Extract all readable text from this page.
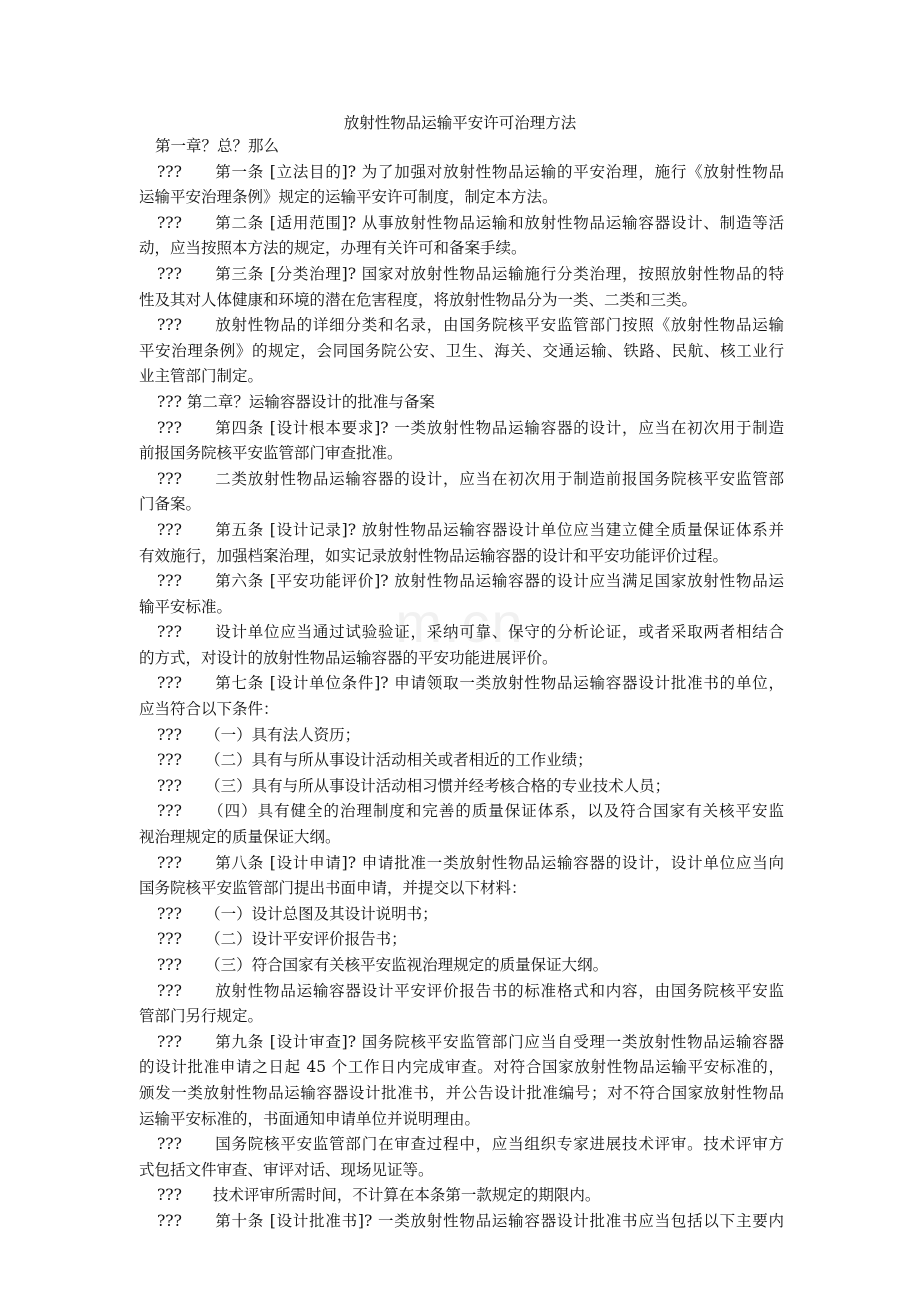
放射性物品运输平安许可治理方法
m.cn
第一章？总？那么
???　　第一条 [立法目的]? 为了加强对放射性物品运输的平安治理，施行《放射性物品
运输平安治理条例》规定的运输平安许可制度，制定本方法。
???　　第二条 [适用范围]? 从事放射性物品运输和放射性物品运输容器设计、制造等活
动，应当按照本方法的规定，办理有关许可和备案手续。
???　　第三条 [分类治理]? 国家对放射性物品运输施行分类治理，按照放射性物品的特
性及其对人体健康和环境的潜在危害程度，将放射性物品分为一类、二类和三类。
???　　放射性物品的详细分类和名录，由国务院核平安监管部门按照《放射性物品运输
平安治理条例》的规定，会同国务院公安、卫生、海关、交通运输、铁路、民航、核工业行
业主管部门制定。
??? 第二章？运输容器设计的批准与备案
???　　第四条 [设计根本要求]? 一类放射性物品运输容器的设计，应当在初次用于制造
前报国务院核平安监管部门审查批准。
???　　二类放射性物品运输容器的设计，应当在初次用于制造前报国务院核平安监管部
门备案。
???　　第五条 [设计记录]? 放射性物品运输容器设计单位应当建立健全质量保证体系并
有效施行，加强档案治理，如实记录放射性物品运输容器的设计和平安功能评价过程。
???　　第六条 [平安功能评价]? 放射性物品运输容器的设计应当满足国家放射性物品运
输平安标准。
???　　设计单位应当通过试验验证，采纳可靠、保守的分析论证，或者采取两者相结合
的方式，对设计的放射性物品运输容器的平安功能进展评价。
???　　第七条 [设计单位条件]? 申请领取一类放射性物品运输容器设计批准书的单位，
应当符合以下条件：
???　　（一）具有法人资历；
???　　（二）具有与所从事设计活动相关或者相近的工作业绩；
???　　（三）具有与所从事设计活动相习惯并经考核合格的专业技术人员；
???　　（四）具有健全的治理制度和完善的质量保证体系，以及符合国家有关核平安监
视治理规定的质量保证大纲。
???　　第八条 [设计申请]? 申请批准一类放射性物品运输容器的设计，设计单位应当向
国务院核平安监管部门提出书面申请，并提交以下材料：
???　　（一）设计总图及其设计说明书；
???　　（二）设计平安评价报告书；
???　　（三）符合国家有关核平安监视治理规定的质量保证大纲。
???　　放射性物品运输容器设计平安评价报告书的标准格式和内容，由国务院核平安监
管部门另行规定。
???　　第九条 [设计审查]? 国务院核平安监管部门应当自受理一类放射性物品运输容器
的设计批准申请之日起 45 个工作日内完成审查。对符合国家放射性物品运输平安标准的，
颁发一类放射性物品运输容器设计批准书，并公告设计批准编号；对不符合国家放射性物品
运输平安标准的，书面通知申请单位并说明理由。
???　　国务院核平安监管部门在审查过程中，应当组织专家进展技术评审。技术评审方
式包括文件审查、审评对话、现场见证等。
???　　技术评审所需时间，不计算在本条第一款规定的期限内。
???　　第十条 [设计批准书]? 一类放射性物品运输容器设计批准书应当包括以下主要内
